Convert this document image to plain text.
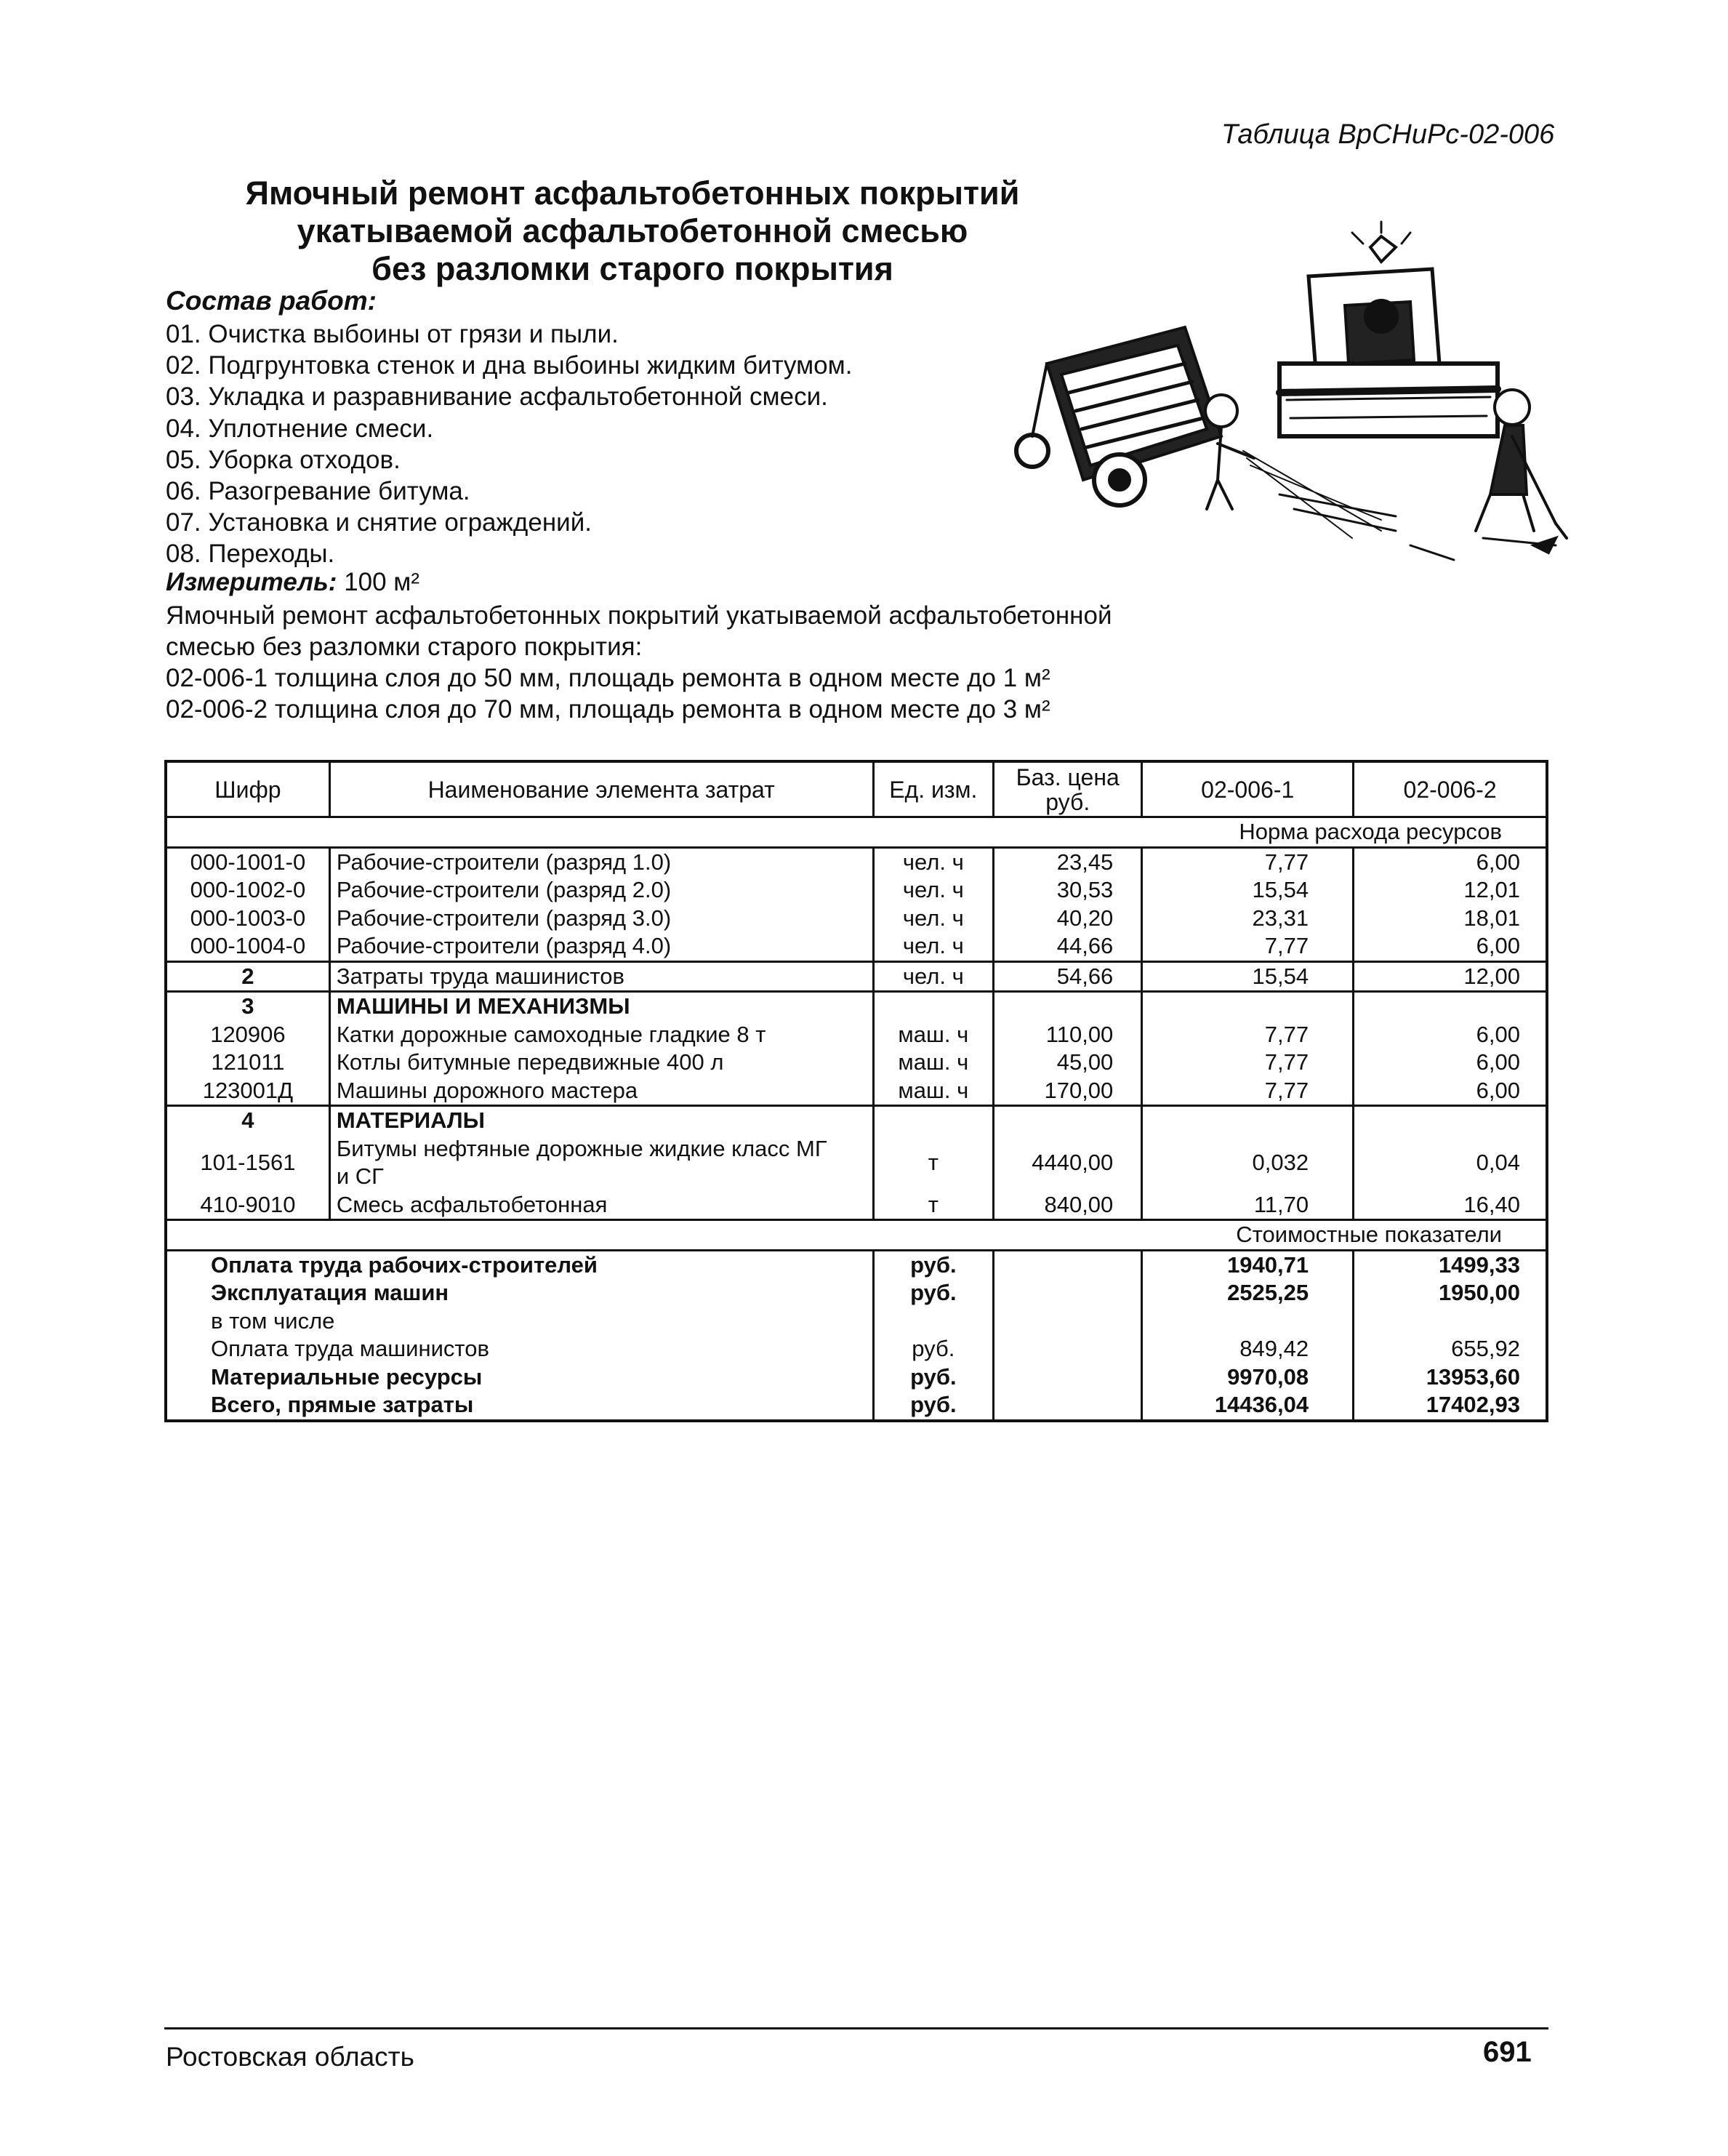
Таблица ВрСНиРс-02-006
Ямочный ремонт асфальтобетонных покрытий
укатываемой асфальтобетонной смесью
без разломки старого покрытия
Состав работ:
01. Очистка выбоины от грязи и пыли.
02. Подгрунтовка стенок и дна выбоины жидким битумом.
03. Укладка и разравнивание асфальтобетонной смеси.
04. Уплотнение смеси.
05. Уборка отходов.
06. Разогревание битума.
07. Установка и снятие ограждений.
08. Переходы.
Измеритель: 100 м²
Ямочный ремонт асфальтобетонных покрытий укатываемой асфальтобетонной смесью без разломки старого покрытия:
02-006-1 толщина слоя до 50 мм, площадь ремонта в одном месте до 1 м²
02-006-2 толщина слоя до 70 мм, площадь ремонта в одном месте до 3 м²
Шифр	Наименование элемента затрат	Ед. изм.	Баз. цена руб.	02-006-1	02-006-2
Норма расхода ресурсов					
000-1001-0	Рабочие-строители (разряд 1.0)	чел. ч	23,45	7,77	6,00
000-1002-0	Рабочие-строители (разряд 2.0)	чел. ч	30,53	15,54	12,01
000-1003-0	Рабочие-строители (разряд 3.0)	чел. ч	40,20	23,31	18,01
000-1004-0	Рабочие-строители (разряд 4.0)	чел. ч	44,66	7,77	6,00
2	Затраты труда машинистов	чел. ч	54,66	15,54	12,00
3	МАШИНЫ И МЕХАНИЗМЫ				
120906	Катки дорожные самоходные гладкие 8 т	маш. ч	110,00	7,77	6,00
121011	Котлы битумные передвижные 400 л	маш. ч	45,00	7,77	6,00
123001Д	Машины дорожного мастера	маш. ч	170,00	7,77	6,00
4	МАТЕРИАЛЫ				
101-1561	Битумы нефтяные дорожные жидкие класс МГ
и СГ	т	4440,00	0,032	0,04
410-9010	Смесь асфальтобетонная	т	840,00	11,70	16,40
Стоимостные показатели					
Оплата труда рабочих-строителей		руб.		1940,71	1499,33
Эксплуатация машин		руб.		2525,25	1950,00
в том числе					
Оплата труда машинистов		руб.		849,42	655,92
Материальные ресурсы		руб.		9970,08	13953,60
Всего, прямые затраты		руб.		14436,04	17402,93
Ростовская область	691
